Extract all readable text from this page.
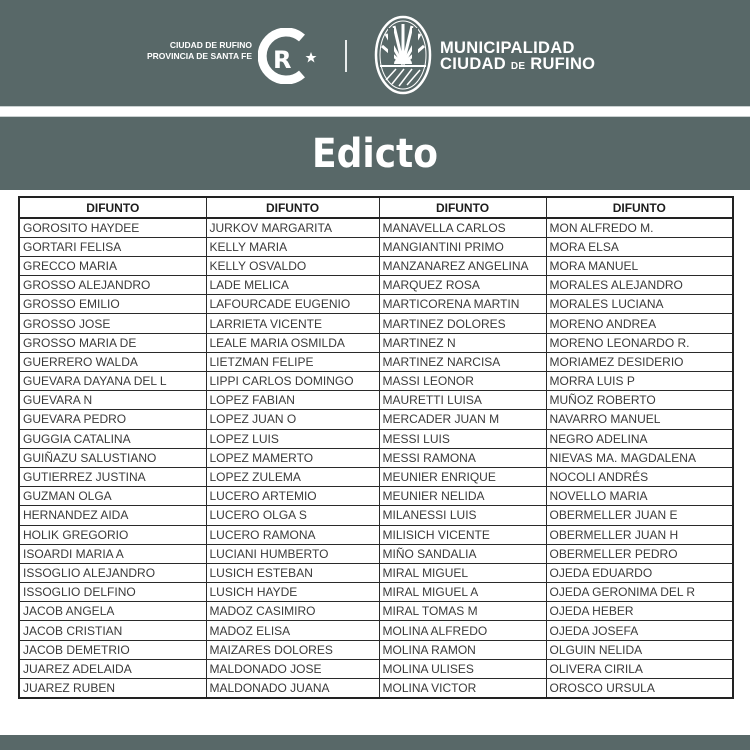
CIUDAD DE RUFINO
PROVINCIA DE SANTA FE R	MUNICIPALIDAD
CIUDAD DE RUFINO
Edicto
DIFUNTO	DIFUNTO	DIFUNTO	DIFUNTO
GOROSITO HAYDEE	JURKOV MARGARITA	MANAVELLA CARLOS	MON ALFREDO M.
GORTARI FELISA	KELLY MARIA	MANGIANTINI PRIMO	MORA ELSA
GRECCO MARIA	KELLY OSVALDO	MANZANAREZ ANGELINA	MORA MANUEL
GROSSO ALEJANDRO	LADE MELICA	MARQUEZ ROSA	MORALES ALEJANDRO
GROSSO EMILIO	LAFOURCADE EUGENIO	MARTICORENA MARTIN	MORALES LUCIANA
GROSSO JOSE	LARRIETA VICENTE	MARTINEZ DOLORES	MORENO ANDREA
GROSSO MARIA DE	LEALE MARIA OSMILDA	MARTINEZ N	MORENO LEONARDO R.
GUERRERO WALDA	LIETZMAN FELIPE	MARTINEZ NARCISA	MORIAMEZ DESIDERIO
GUEVARA DAYANA DEL L	LIPPI CARLOS DOMINGO	MASSI LEONOR	MORRA LUIS P
GUEVARA N	LOPEZ FABIAN	MAURETTI LUISA	MUÑOZ ROBERTO
GUEVARA PEDRO	LOPEZ JUAN O	MERCADER JUAN M	NAVARRO MANUEL
GUGGIA CATALINA	LOPEZ LUIS	MESSI LUIS	NEGRO ADELINA
GUIÑAZU SALUSTIANO	LOPEZ MAMERTO	MESSI RAMONA	NIEVAS MA. MAGDALENA
GUTIERREZ JUSTINA	LOPEZ ZULEMA	MEUNIER ENRIQUE	NOCOLI ANDRÉS
GUZMAN OLGA	LUCERO ARTEMIO	MEUNIER NELIDA	NOVELLO MARIA
HERNANDEZ AIDA	LUCERO OLGA S	MILANESSI LUIS	OBERMELLER JUAN E
HOLIK GREGORIO	LUCERO RAMONA	MILISICH VICENTE	OBERMELLER JUAN H
ISOARDI MARIA A	LUCIANI HUMBERTO	MIÑO SANDALIA	OBERMELLER PEDRO
ISSOGLIO ALEJANDRO	LUSICH ESTEBAN	MIRAL MIGUEL	OJEDA EDUARDO
ISSOGLIO DELFINO	LUSICH HAYDE	MIRAL MIGUEL A	OJEDA GERONIMA DEL R
JACOB ANGELA	MADOZ CASIMIRO	MIRAL TOMAS M	OJEDA HEBER
JACOB CRISTIAN	MADOZ ELISA	MOLINA ALFREDO	OJEDA JOSEFA
JACOB DEMETRIO	MAIZARES DOLORES	MOLINA RAMON	OLGUIN NELIDA
JUAREZ ADELAIDA	MALDONADO JOSE	MOLINA ULISES	OLIVERA CIRILA
JUAREZ RUBEN	MALDONADO JUANA	MOLINA VICTOR	OROSCO URSULA
